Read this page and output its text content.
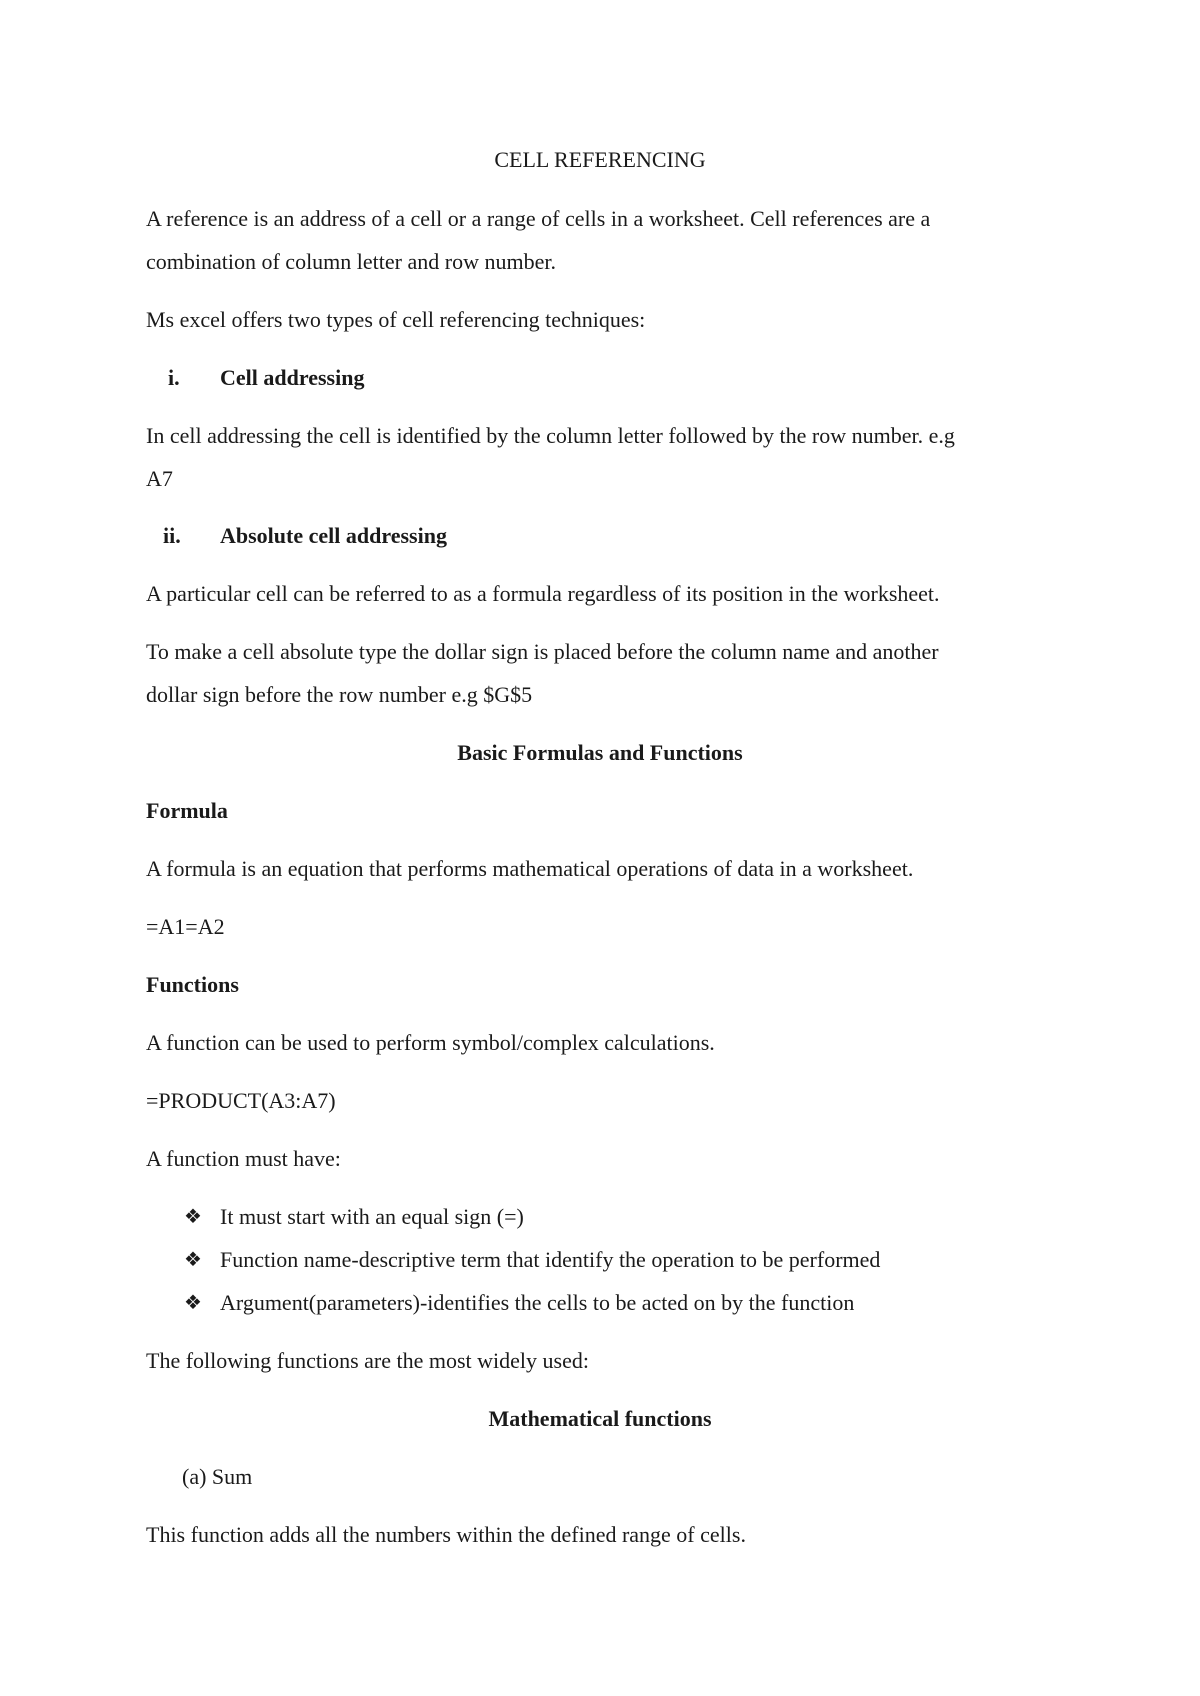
CELL REFERENCING

A reference is an address of a cell or a range of cells in a worksheet. Cell references are a

combination of column letter and row number.

Ms excel offers two types of cell referencing techniques:

i. Cell addressing

In cell addressing the cell is identified by the column letter followed by the row number. e.g

A7

ii. Absolute cell addressing

A particular cell can be referred to as a formula regardless of its position in the worksheet.

To make a cell absolute type the dollar sign is placed before the column name and another

dollar sign before the row number e.g $G$5

Basic Formulas and Functions

Formula

A formula is an equation that performs mathematical operations of data in a worksheet.

=A1=A2

Functions

A function can be used to perform symbol/complex calculations.

=PRODUCT(A3:A7)

A function must have:

❖ It must start with an equal sign (=)

❖ Function name-descriptive term that identify the operation to be performed

❖ Argument(parameters)-identifies the cells to be acted on by the function

The following functions are the most widely used:

Mathematical functions

(a) Sum

This function adds all the numbers within the defined range of cells.
